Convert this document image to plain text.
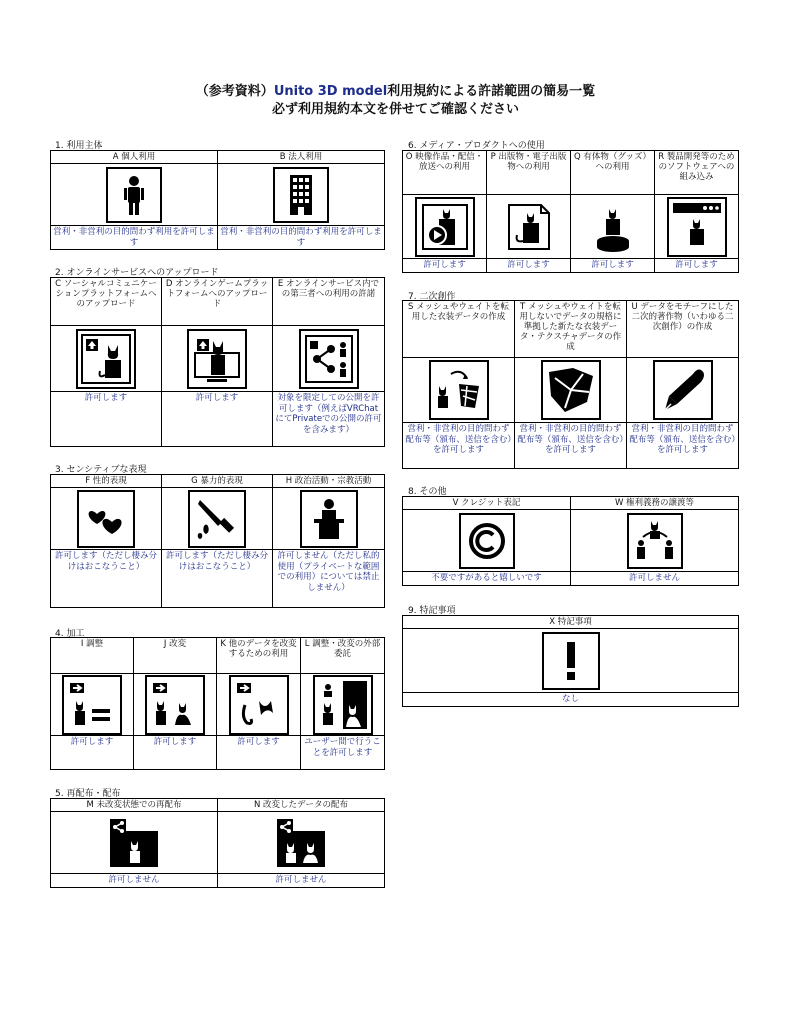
（参考資料）Unito 3D model利用規約による許諾範囲の簡易一覧
必ず利用規約本文を併せてご確認ください
1. 利用主体
A 個人利用	B 法人利用

営利・非営利の目的問わず利用を許可します	営利・非営利の目的問わず利用を許可します
2. オンラインサービスへのアップロード
C ソーシャルコミュニケーションプラットフォームへのアップロード	D オンラインゲームプラットフォームへのアップロード	E オンラインサービス内での第三者への利用の許諾

許可します	許可します	対象を限定しての公開を許可します（例えばVRChatにてPrivateでの公開の許可を含みます）
3. センシティブな表現
F 性的表現	G 暴力的表現	H 政治活動・宗教活動

許可します（ただし棲み分けはおこなうこと）	許可します（ただし棲み分けはおこなうこと）	許可しません（ただし私的使用（プライベートな範囲での利用）については禁止しません）
4. 加工
I 調整	J 改変	K 他のデータを改変するための利用	L 調整・改変の外部委託

許可します	許可します	許可します	ユーザー間で行うことを許可します
5. 再配布・配布
M 未改変状態での再配布	N 改変したデータの配布

許可しません	許可しません
6. メディア・プロダクトへの使用
O 映像作品・配信・放送への利用	P 出版物・電子出版物への利用	Q 有体物（グッズ）への利用	R 製品開発等のためのソフトウェアへの組み込み

許可します	許可します	許可します	許可します
7. 二次創作
S メッシュやウェイトを転用した衣装データの作成	T メッシュやウェイトを転用しないでデータの規格に準拠した新たな衣装データ・テクスチャデータの作成	U データをモチーフにした二次的著作物（いわゆる二次創作）の作成

営利・非営利の目的問わず配布等（頒布、送信を含む）を許可します	営利・非営利の目的問わず配布等（頒布、送信を含む）を許可します	営利・非営利の目的問わず配布等（頒布、送信を含む）を許可します
8. その他
V クレジット表記	W 権利義務の譲渡等

不要ですがあると嬉しいです	許可しません
9. 特記事項
X 特記事項

なし
